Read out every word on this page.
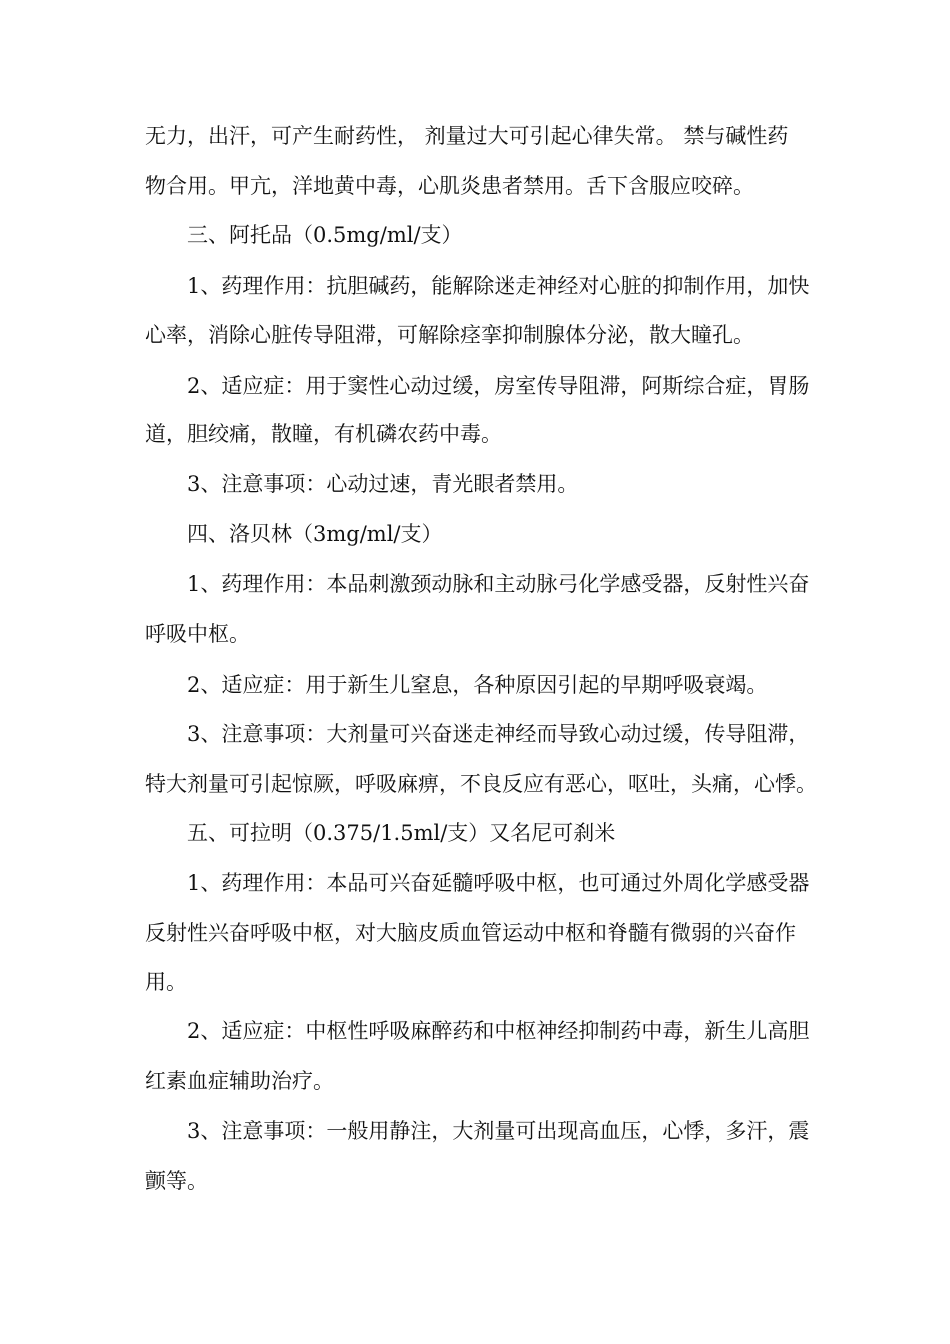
无力，出汗，可产生耐药性， 剂量过大可引起心律失常。 禁与碱性药

物合用。甲亢，洋地黄中毒，心肌炎患者禁用。舌下含服应咬碎。

三、阿托品（0.5mg/ml/支）

1、药理作用：抗胆碱药，能解除迷走神经对心脏的抑制作用，加快

心率，消除心脏传导阻滞，可解除痉挛抑制腺体分泌，散大瞳孔。

2、适应症：用于窦性心动过缓，房室传导阻滞，阿斯综合症，胃肠

道，胆绞痛，散瞳，有机磷农药中毒。

3、注意事项：心动过速，青光眼者禁用。

四、洛贝林（3mg/ml/支）

1、药理作用：本品刺激颈动脉和主动脉弓化学感受器，反射性兴奋

呼吸中枢。

2、适应症：用于新生儿窒息，各种原因引起的早期呼吸衰竭。

3、注意事项：大剂量可兴奋迷走神经而导致心动过缓，传导阻滞，

特大剂量可引起惊厥，呼吸麻痹，不良反应有恶心，呕吐，头痛，心悸。

五、可拉明（0.375/1.5ml/支）又名尼可刹米

1、药理作用：本品可兴奋延髓呼吸中枢，也可通过外周化学感受器

反射性兴奋呼吸中枢，对大脑皮质血管运动中枢和脊髓有微弱的兴奋作

用。

2、适应症：中枢性呼吸麻醉药和中枢神经抑制药中毒，新生儿高胆

红素血症辅助治疗。

3、注意事项：一般用静注，大剂量可出现高血压，心悸，多汗，震

颤等。
